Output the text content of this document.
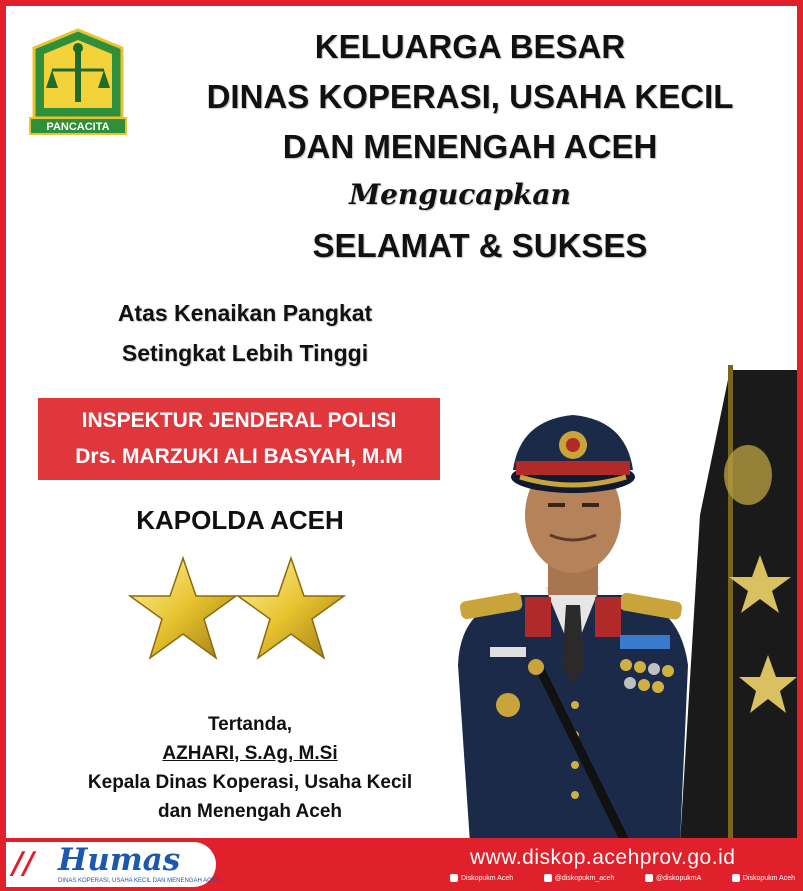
PANCACITA
KELUARGA BESAR
DINAS KOPERASI, USAHA KECIL
DAN MENENGAH ACEH
Mengucapkan
SELAMAT & SUKSES
Atas Kenaikan Pangkat
Setingkat Lebih Tinggi
INSPEKTUR JENDERAL POLISI
Drs. MARZUKI ALI BASYAH, M.M
KAPOLDA ACEH
Tertanda,
AZHARI, S.Ag, M.Si
Kepala Dinas Koperasi, Usaha Kecil
dan Menengah Aceh
// Humas
DINAS KOPERASI, USAHA KECIL DAN MENENGAH ACEH
www.diskop.acehprov.go.id
Diskopukm Aceh	@diskopukm_aceh	@diskopukmA	Diskopukm Aceh
